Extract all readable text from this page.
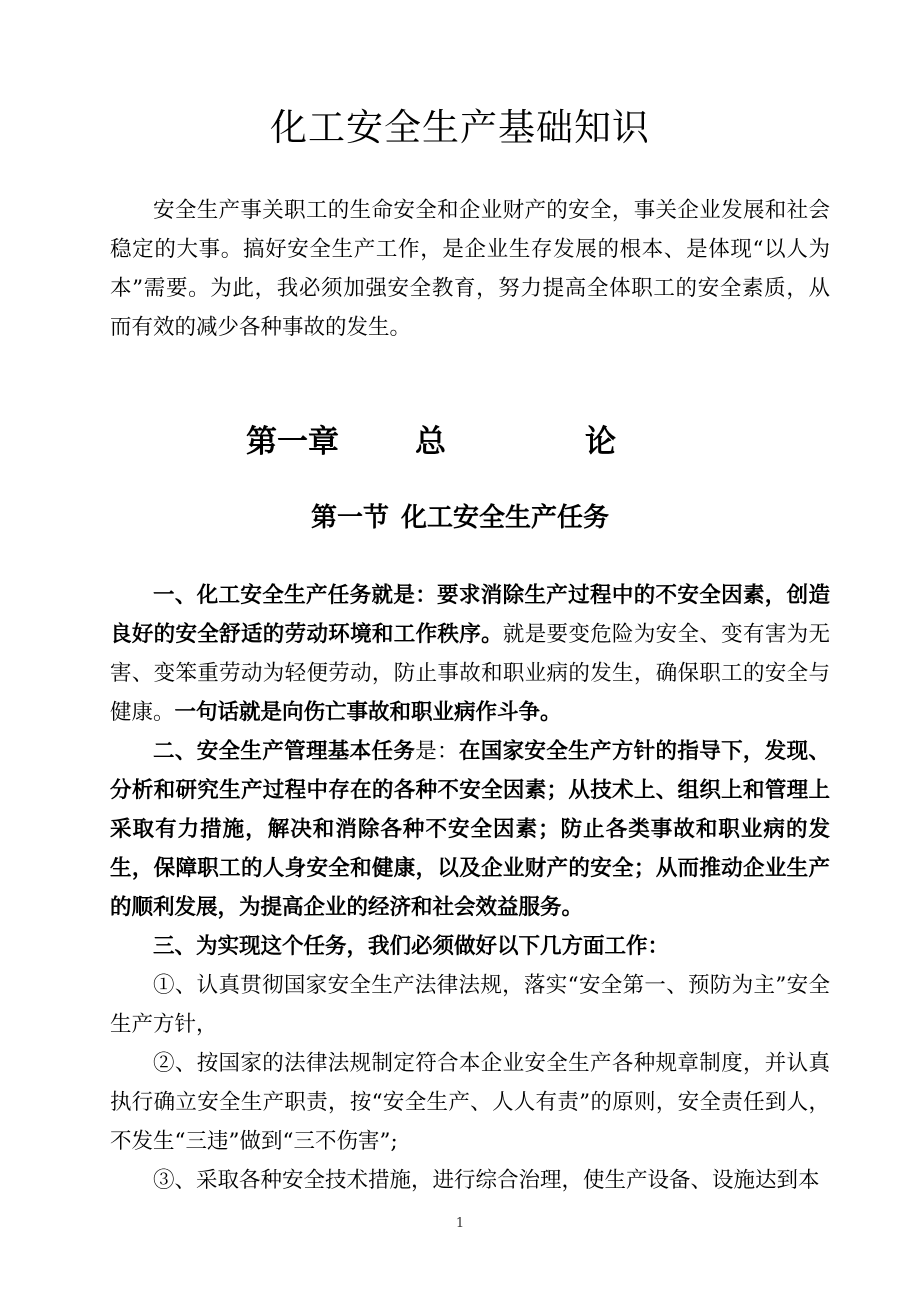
化工安全生产基础知识

安全生产事关职工的生命安全和企业财产的安全，事关企业发展和社会稳定的大事。搞好安全生产工作，是企业生存发展的根本、是体现“以人为本”需要。为此，我必须加强安全教育，努力提高全体职工的安全素质，从而有效的减少各种事故的发生。

第一章 总	论
第一节 化工安全生产任务

一、化工安全生产任务就是：要求消除生产过程中的不安全因素，创造良好的安全舒适的劳动环境和工作秩序。就是要变危险为安全、变有害为无害、变笨重劳动为轻便劳动，防止事故和职业病的发生，确保职工的安全与健康。一句话就是向伤亡事故和职业病作斗争。

二、安全生产管理基本任务是：在国家安全生产方针的指导下，发现、分析和研究生产过程中存在的各种不安全因素；从技术上、组织上和管理上采取有力措施，解决和消除各种不安全因素；防止各类事故和职业病的发生，保障职工的人身安全和健康，以及企业财产的安全；从而推动企业生产的顺利发展，为提高企业的经济和社会效益服务。

三、为实现这个任务，我们必须做好以下几方面工作：

①、认真贯彻国家安全生产法律法规，落实“安全第一、预防为主”安全生产方针，

②、按国家的法律法规制定符合本企业安全生产各种规章制度，并认真执行确立安全生产职责，按“安全生产、人人有责”的原则，安全责任到人，不发生“三违”做到“三不伤害”;

③、采取各种安全技术措施，进行综合治理，使生产设备、设施达到本

1
